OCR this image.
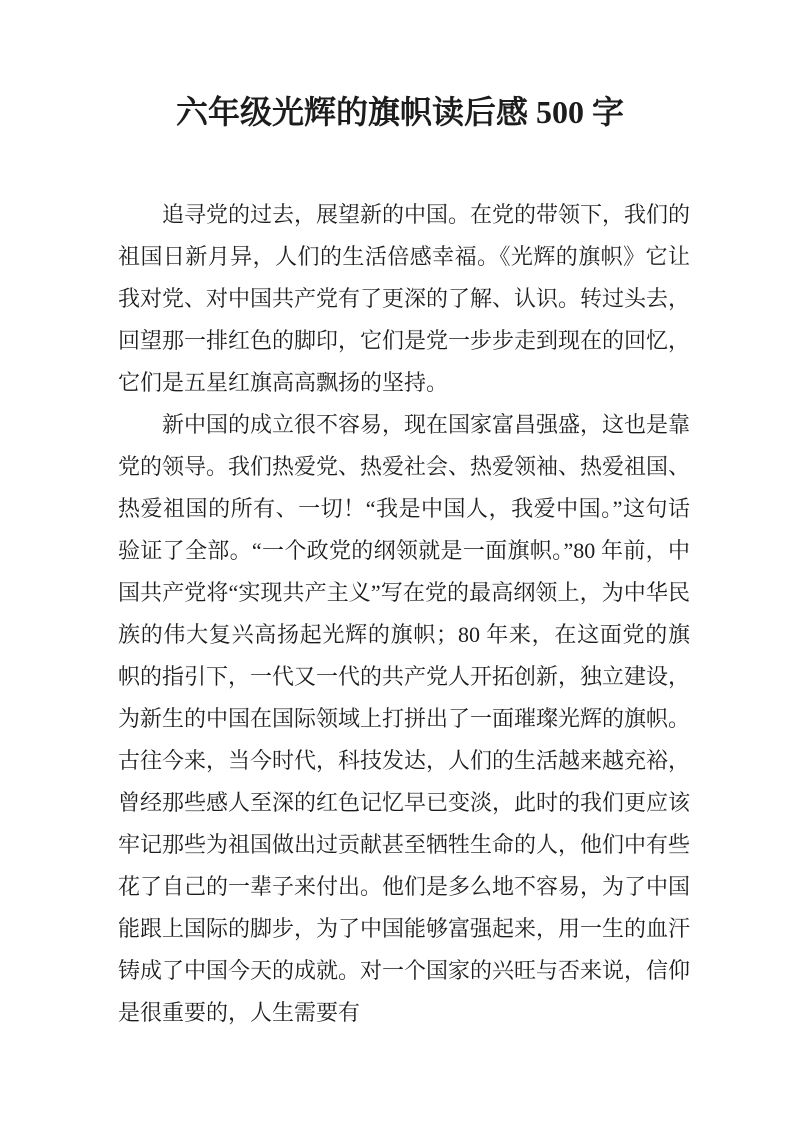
六年级光辉的旗帜读后感 500 字

追寻党的过去，展望新的中国。在党的带领下，我们的祖国日新月异，人们的生活倍感幸福。《光辉的旗帜》它让我对党、对中国共产党有了更深的了解、认识。转过头去，回望那一排红色的脚印，它们是党一步步走到现在的回忆，它们是五星红旗高高飘扬的坚持。

新中国的成立很不容易，现在国家富昌强盛，这也是靠党的领导。我们热爱党、热爱社会、热爱领袖、热爱祖国、热爱祖国的所有、一切！“我是中国人，我爱中国。”这句话验证了全部。“一个政党的纲领就是一面旗帜。”80 年前，中国共产党将“实现共产主义”写在党的最高纲领上，为中华民族的伟大复兴高扬起光辉的旗帜；80 年来，在这面党的旗帜的指引下，一代又一代的共产党人开拓创新，独立建设，为新生的中国在国际领域上打拼出了一面璀璨光辉的旗帜。古往今来，当今时代，科技发达，人们的生活越来越充裕，曾经那些感人至深的红色记忆早已变淡，此时的我们更应该牢记那些为祖国做出过贡献甚至牺牲生命的人，他们中有些花了自己的一辈子来付出。他们是多么地不容易，为了中国能跟上国际的脚步，为了中国能够富强起来，用一生的血汗铸成了中国今天的成就。对一个国家的兴旺与否来说，信仰是很重要的，人生需要有
